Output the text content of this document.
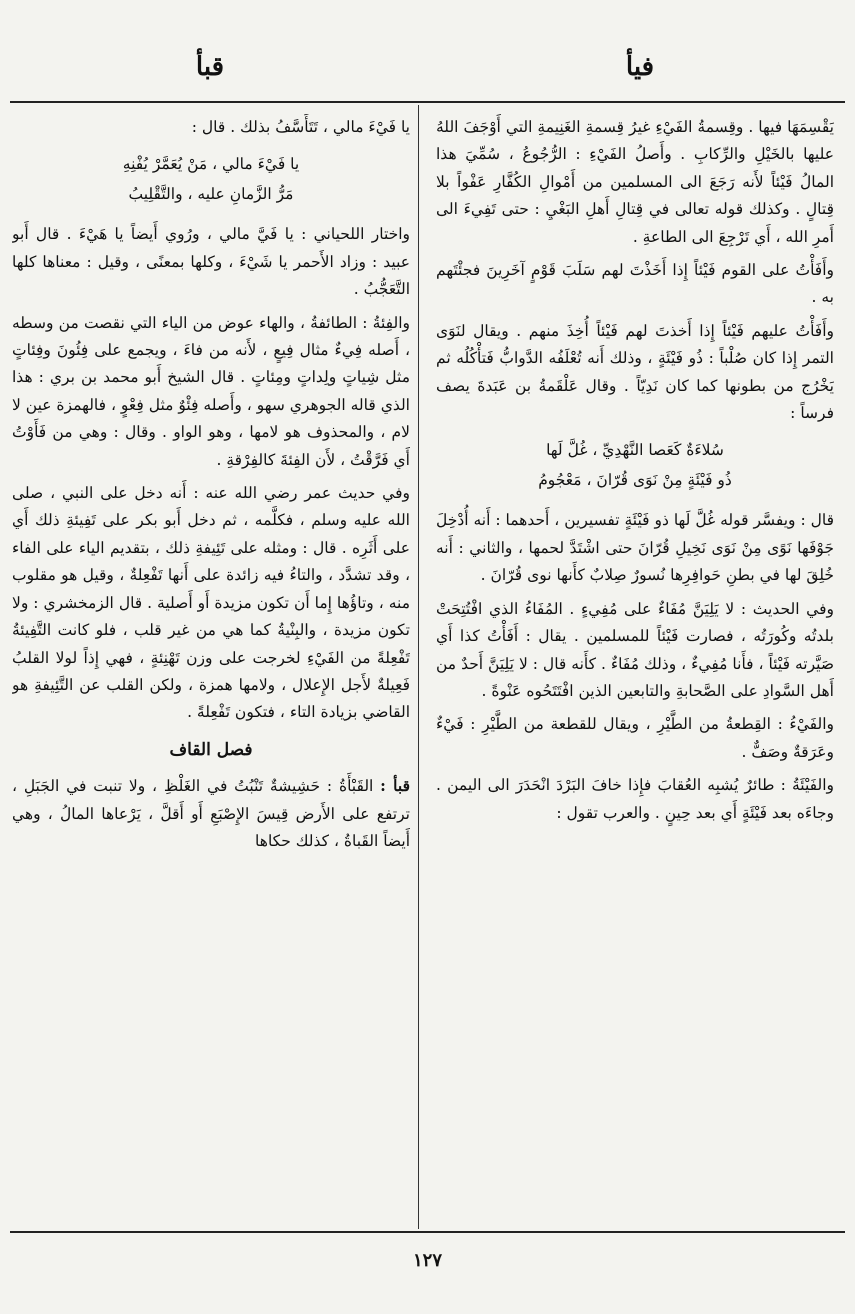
فيأ
قبأ

يَقْسِمَهَا فيها . وقِسمةُ الفَيْءِ غيرُ قِسمةِ الغَنِيمةِ التي أَوْجَفَ اللهُ عليها بالخَيْلِ والرِّكابِ . وأَصلُ الفَيْءِ : الرُّجُوعُ ، سُمِّيَ هذا المالُ فَيْئاً لأَنه رَجَعَ الى المسلمين من أَمْوالِ الكُفَّارِ عَفْواً بلا قِتالٍ . وكذلك قوله تعالى في قِتالِ أَهلِ البَغْيِ : حتى تَفِيءَ الى أَمرِ الله ، أَي تَرْجِعَ الى الطاعةِ .

وأَفَأْتُ على القوم فَيْئاً إِذا أَخَذْتَ لهم سَلَبَ قَوْمٍ آخَرِينَ فجئْتَهم به .

وأَفَأْتُ عليهم فَيْئاً إِذا أَخذتَ لهم فَيْئاً أُخِذَ منهم . ويقال لنَوَى التمر إِذا كان صُلْباً : ذُو فَيْئَةٍ ، وذلك أَنه تُعْلَفُه الدَّوابُّ فَتأْكُلُه ثم يَخْرُج من بطونها كما كان نَدِيّاً . وقال عَلْقَمةُ بن عَبَدةَ يصف فرساً :

سُلاءَةٌ كَعَصا النَّهْدِيِّ ، غُلَّ لَها
ذُو فَيْئَةٍ مِنْ نَوَى قُرّانَ ، مَعْجُومُ

قال : ويفسَّر قوله غُلَّ لَها ذو فَيْئَةٍ تفسيرين ، أَحدهما : أَنه أُدْخِلَ جَوْفَها نَوًى مِنْ نَوَى نَخِيلِ قُرّانَ حتى اشْتَدَّ لحمها ، والثاني : أَنه خُلِقَ لها في بطنِ حَوافِرِها نُسورٌ صِلابٌ كأَنها نوى قُرّانَ .

وفي الحديث : لا يَلِيَنَّ مُفَاءٌ على مُفِيءٍ . المُفَاءُ الذي افْتُتِحَتْ بلدتُه وكُورَتُه ، فصارت فَيْئاً للمسلمين . يقال : أَفَأْتُ كذا أَي صَيَّرته فَيْئاً ، فأَنا مُفِيءٌ ، وذلك مُفَاءٌ . كأَنه قال : لا يَلِيَنَّ أَحدٌ من أَهل السَّوادِ على الصَّحابةِ والتابعين الذين افْتَتَحُوه عَنْوةً .

والفَيْءُ : القِطعةُ من الطَّيْرِ ، ويقال للقطعة من الطَّيْرِ : فَيْءٌ وعَرَقةٌ وصَفٌّ .

والفَيْئَةُ : طائرٌ يُشبِه العُقابَ فإِذا خافَ البَرْدَ انْحَدَرَ الى اليمن . وجاءَه بعد فَيْئَةٍ أَي بعد حِينٍ . والعرب تقول :

يا فَيْءَ مالي ، تَتَأَسَّفُ بذلك . قال :

يا فَيْءَ مالي ، مَنْ يُعَمَّرْ يُفْنِهِ
مَرُّ الزَّمانِ عليه ، والتَّقْلِيبُ

واختار اللحياني : يا فَيَّ مالي ، ورُوي أَيضاً يا هَيْءَ . قال أَبو عبيد : وزاد الأَحمر يا شَيْءَ ، وكلها بمعنًى ، وقيل : معناها كلها التَّعَجُّبُ .

والفِئةُ : الطائفةُ ، والهاء عوض من الياء التي نقصت من وسطه ، أَصله فِيءٌ مثال فِيعٍ ، لأَنه من فاءَ ، ويجمع على فِئُونَ وفِئاتٍ مثل شِياتٍ ولِداتٍ ومِئاتٍ . قال الشيخ أَبو محمد بن بري : هذا الذي قاله الجوهري سهو ، وأَصله فِئْوٌ مثل فِعْوٍ ، فالهمزة عين لا لام ، والمحذوف هو لامها ، وهو الواو . وقال : وهي من فَأَوْتُ أَي فَرَّقْتُ ، لأَن الفِئةَ كالفِرْقةِ .

وفي حديث عمر رضي الله عنه : أَنه دخل على النبي ، صلى الله عليه وسلم ، فكلَّمه ، ثم دخل أَبو بكر على تَفِيئةِ ذلك أَي على أَثَرِه . قال : ومثله على تَئِيفةِ ذلك ، بتقديم الياء على الفاء ، وقد تشدَّد ، والتاءُ فيه زائدة على أَنها تَفْعِلةٌ ، وقيل هو مقلوب منه ، وتاؤُها إِما أَن تكون مزيدة أَو أَصلية . قال الزمخشري : ولا تكون مزيدة ، والبِنْيةُ كما هي من غير قلب ، فلو كانت التَّفِيئةُ تَفْعِلةً من الفَيْءِ لخرجت على وزن تَهْنِئةٍ ، فهي إِذاً لولا القلبُ فَعِيلةٌ لأَجل الإِعلال ، ولامها همزة ، ولكن القلب عن التَّئِيفةِ هو القاضي بزيادة التاء ، فتكون تَفْعِلةً .

فصل القاف

قبأ : القَبْأَةُ : حَشِيشةٌ تَنْبُتُ في الغَلْظِ ، ولا تنبت في الجَبَلِ ، ترتفع على الأَرض قِيسَ الإِصْبَعِ أَو أَقلَّ ، يَرْعاها المالُ ، وهي أَيضاً القَباةُ ، كذلك حكاها

١٢٧
